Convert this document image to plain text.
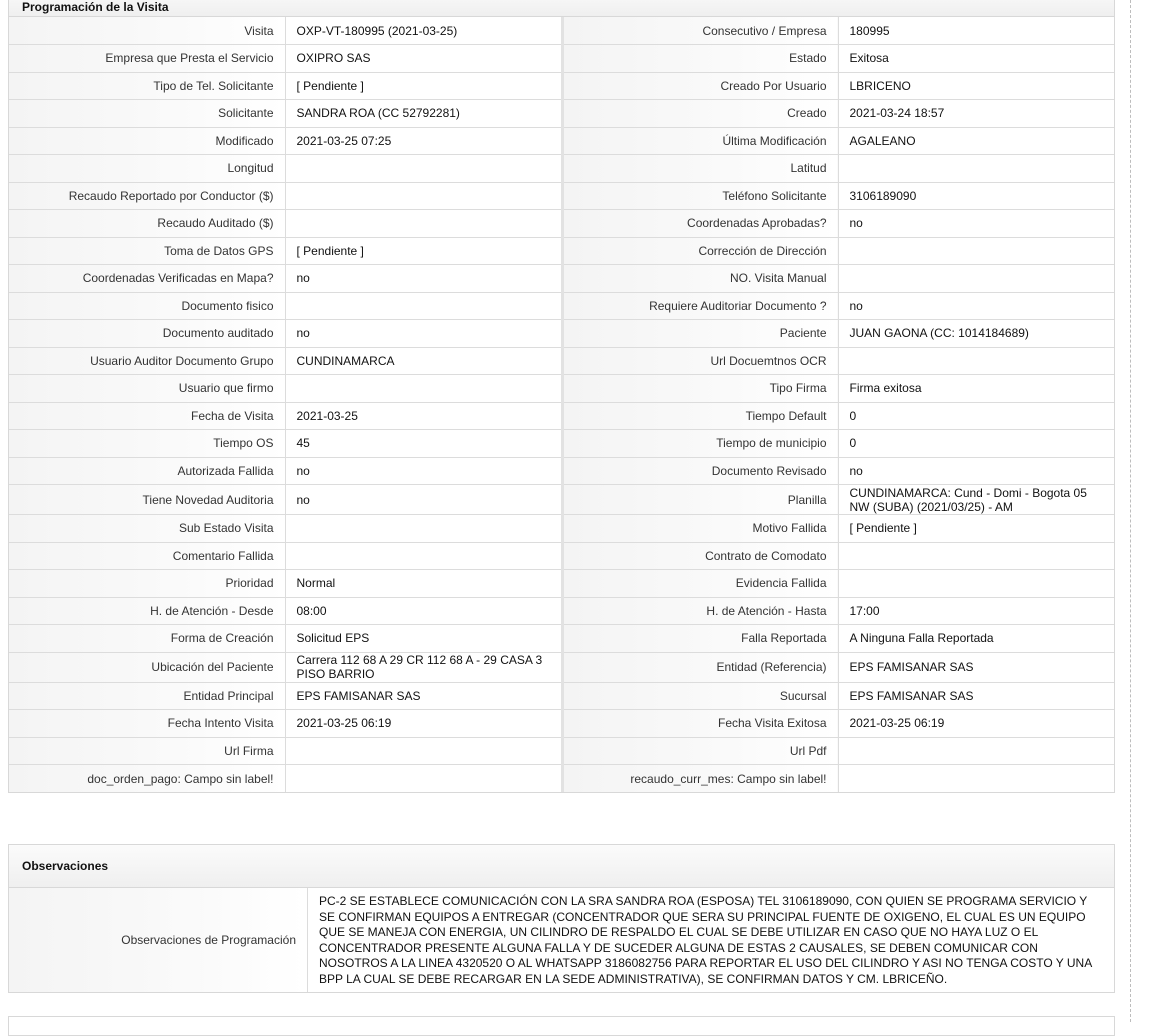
Programación de la Visita
Visita	OXP-VT-180995 (2021-03-25)	Consecutivo / Empresa	180995
Empresa que Presta el Servicio	OXIPRO SAS	Estado	Exitosa
Tipo de Tel. Solicitante	[ Pendiente ]	Creado Por Usuario	LBRICENO
Solicitante	SANDRA ROA (CC 52792281)	Creado	2021-03-24 18:57
Modificado	2021-03-25 07:25	Última Modificación	AGALEANO
Longitud		Latitud	
Recaudo Reportado por Conductor ($)		Teléfono Solicitante	3106189090
Recaudo Auditado ($)		Coordenadas Aprobadas?	no
Toma de Datos GPS	[ Pendiente ]	Corrección de Dirección	
Coordenadas Verificadas en Mapa?	no	NO. Visita Manual	
Documento fisico		Requiere Auditoriar Documento ?	no
Documento auditado	no	Paciente	JUAN GAONA (CC: 1014184689)
Usuario Auditor Documento Grupo	CUNDINAMARCA	Url Docuemtnos OCR	
Usuario que firmo		Tipo Firma	Firma exitosa
Fecha de Visita	2021-03-25	Tiempo Default	0
Tiempo OS	45	Tiempo de municipio	0
Autorizada Fallida	no	Documento Revisado	no
Tiene Novedad Auditoria	no	Planilla	CUNDINAMARCA: Cund - Domi - Bogota 05 NW (SUBA) (2021/03/25) - AM
Sub Estado Visita		Motivo Fallida	[ Pendiente ]
Comentario Fallida		Contrato de Comodato	
Prioridad	Normal	Evidencia Fallida	
H. de Atención - Desde	08:00	H. de Atención - Hasta	17:00
Forma de Creación	Solicitud EPS	Falla Reportada	A Ninguna Falla Reportada
Ubicación del Paciente	Carrera 112 68 A 29 CR 112 68 A - 29 CASA 3 PISO BARRIO	Entidad (Referencia)	EPS FAMISANAR SAS
Entidad Principal	EPS FAMISANAR SAS	Sucursal	EPS FAMISANAR SAS
Fecha Intento Visita	2021-03-25 06:19	Fecha Visita Exitosa	2021-03-25 06:19
Url Firma		Url Pdf	
doc_orden_pago: Campo sin label!		recaudo_curr_mes: Campo sin label!	
Observaciones
Observaciones de Programación	PC-2 SE ESTABLECE COMUNICACIÓN CON LA SRA SANDRA ROA (ESPOSA) TEL 3106189090, CON QUIEN SE PROGRAMA SERVICIO Y SE CONFIRMAN EQUIPOS A ENTREGAR (CONCENTRADOR QUE SERA SU PRINCIPAL FUENTE DE OXIGENO, EL CUAL ES UN EQUIPO QUE SE MANEJA CON ENERGIA, UN CILINDRO DE RESPALDO EL CUAL SE DEBE UTILIZAR EN CASO QUE NO HAYA LUZ O EL CONCENTRADOR PRESENTE ALGUNA FALLA Y DE SUCEDER ALGUNA DE ESTAS 2 CAUSALES, SE DEBEN COMUNICAR CON NOSOTROS A LA LINEA 4320520 O AL WHATSAPP 3186082756 PARA REPORTAR EL USO DEL CILINDRO Y ASI NO TENGA COSTO Y UNA BPP LA CUAL SE DEBE RECARGAR EN LA SEDE ADMINISTRATIVA), SE CONFIRMAN DATOS Y CM. LBRICEÑO.
